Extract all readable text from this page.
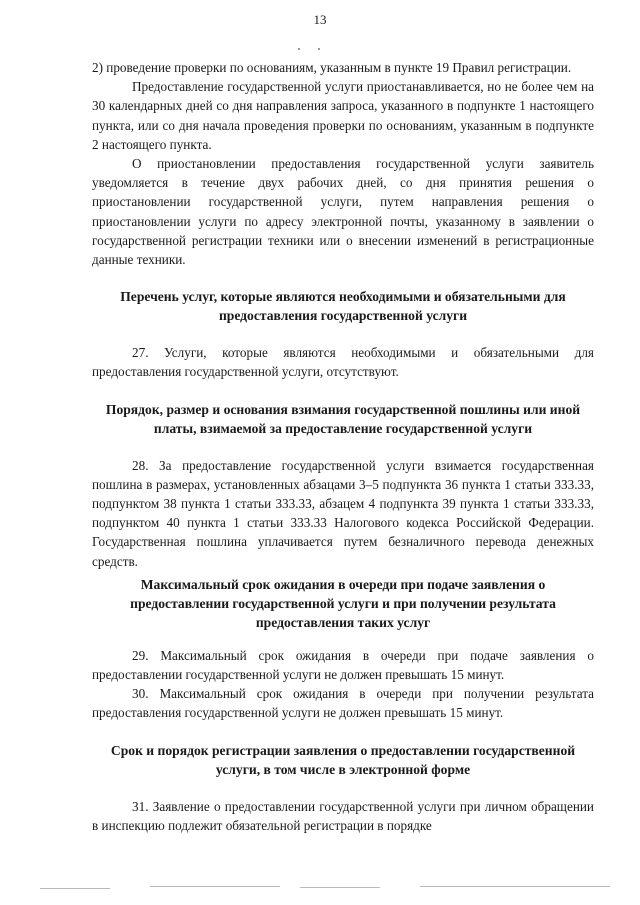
13

2) проведение проверки по основаниям, указанным в пункте 19 Правил регистрации.

Предоставление государственной услуги приостанавливается, но не более чем на 30 календарных дней со дня направления запроса, указанного в подпункте 1 настоящего пункта, или со дня начала проведения проверки по основаниям, указанным в подпункте 2 настоящего пункта.

О приостановлении предоставления государственной услуги заявитель уведомляется в течение двух рабочих дней, со дня принятия решения о приостановлении государственной услуги, путем направления решения о приостановлении услуги по адресу электронной почты, указанному в заявлении о государственной регистрации техники или о внесении изменений в регистрационные данные техники.

Перечень услуг, которые являются необходимыми и обязательными для предоставления государственной услуги

27. Услуги, которые являются необходимыми и обязательными для предоставления государственной услуги, отсутствуют.

Порядок, размер и основания взимания государственной пошлины или иной платы, взимаемой за предоставление государственной услуги

28. За предоставление государственной услуги взимается государственная пошлина в размерах, установленных абзацами 3–5 подпункта 36 пункта 1 статьи 333.33, подпунктом 38 пункта 1 статьи 333.33, абзацем 4 подпункта 39 пункта 1 статьи 333.33, подпунктом 40 пункта 1 статьи 333.33 Налогового кодекса Российской Федерации. Государственная пошлина уплачивается путем безналичного перевода денежных средств.

Максимальный срок ожидания в очереди при подаче заявления о предоставлении государственной услуги и при получении результата предоставления таких услуг

29. Максимальный срок ожидания в очереди при подаче заявления о предоставлении государственной услуги не должен превышать 15 минут.

30. Максимальный срок ожидания в очереди при получении результата предоставления государственной услуги не должен превышать 15 минут.

Срок и порядок регистрации заявления о предоставлении государственной услуги, в том числе в электронной форме

31. Заявление о предоставлении государственной услуги при личном обращении в инспекцию подлежит обязательной регистрации в порядке
